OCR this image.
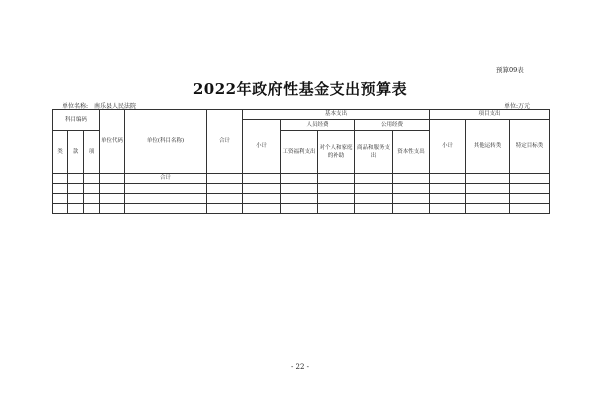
预算09表
2022年政府性基金支出预算表
单位名称: 南乐县人民法院	单位:万元
科目编码			单位代码	单位(科目名称)	合计	基本支出					项目支出		
						小计	人员经费		公用经费		小计	其他运转类	特定目标类
类	款	项					工资福利支出	对个人和家庭的补助	商品和服务支出	资本性支出			
				合计									

- 22 -
